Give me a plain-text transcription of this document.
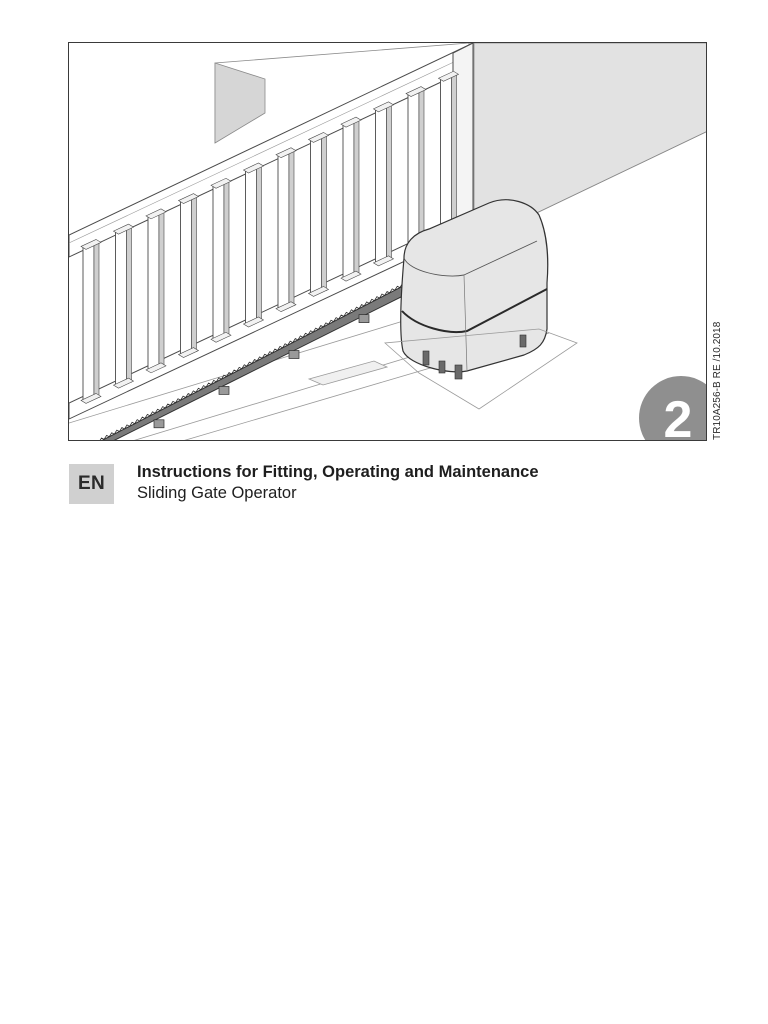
2 TR10A256-B RE /10.2018
EN
Instructions for Fitting, Operating and Maintenance
Sliding Gate Operator
